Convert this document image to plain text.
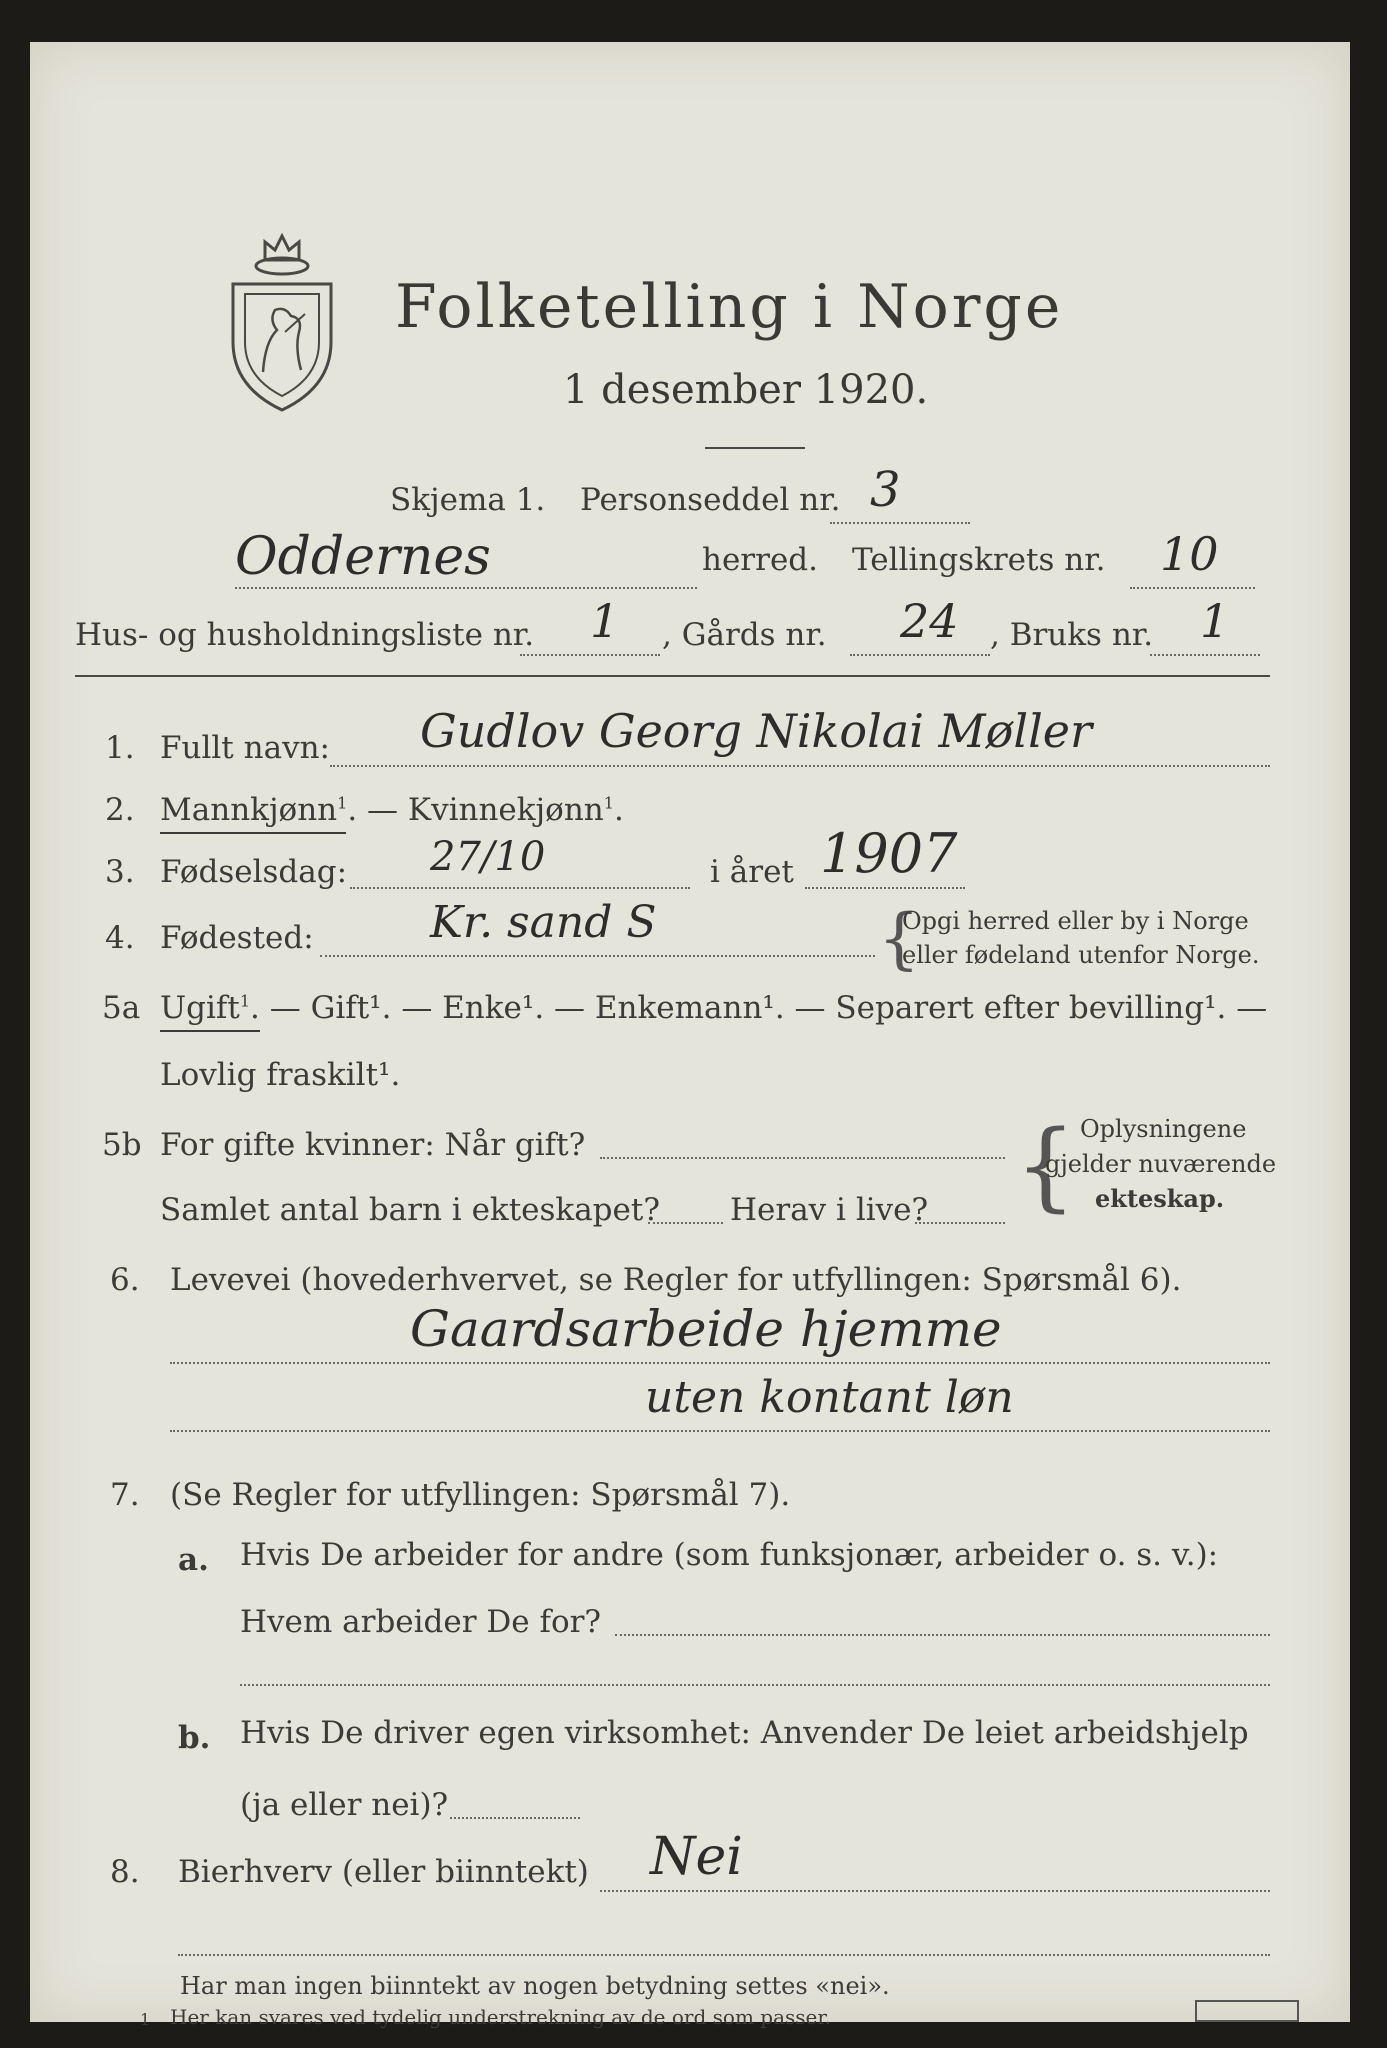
Folketelling i Norge
1 desember 1920.
Skjema 1. Personseddel nr. 3
Oddernes	herred. Tellingskrets nr. 10
Hus- og husholdningsliste nr. 1 , Gårds nr. 24 , Bruks nr. 1
1. Fullt navn: Gudlov Georg Nikolai Møller
2. Mannkjønn$^1$. — Kvinnekjønn$^1$.
3. Fødselsdag: 27/10	i året 1907
4. Fødested:	Kr. sand S	{
Opgi herred eller by i Norge
eller fødeland utenfor Norge.
5a Ugift$^1$. — Gift¹. — Enke¹. — Enkemann¹. — Separert efter bevilling¹. —
Lovlig fraskilt¹.
5b For gifte kvinner: Når gift?
Samlet antal barn i ekteskapet? Herav i live? { Oplysningene
gjelder nuværende
ekteskap.
6. Levevei (hovederhvervet, se Regler for utfyllingen: Spørsmål 6).
Gaardsarbeide hjemme
uten kontant løn
7. (Se Regler for utfyllingen: Spørsmål 7).
a. Hvis De arbeider for andre (som funksjonær, arbeider o. s. v.):
Hvem arbeider De for?
b. Hvis De driver egen virksomhet: Anvender De leiet arbeidshjelp
(ja eller nei)?
8. Bierhverv (eller biinntekt) Nei
Har man ingen biinntekt av nogen betydning settes «nei».
1 Her kan svares ved tydelig understrekning av de ord som passer.
